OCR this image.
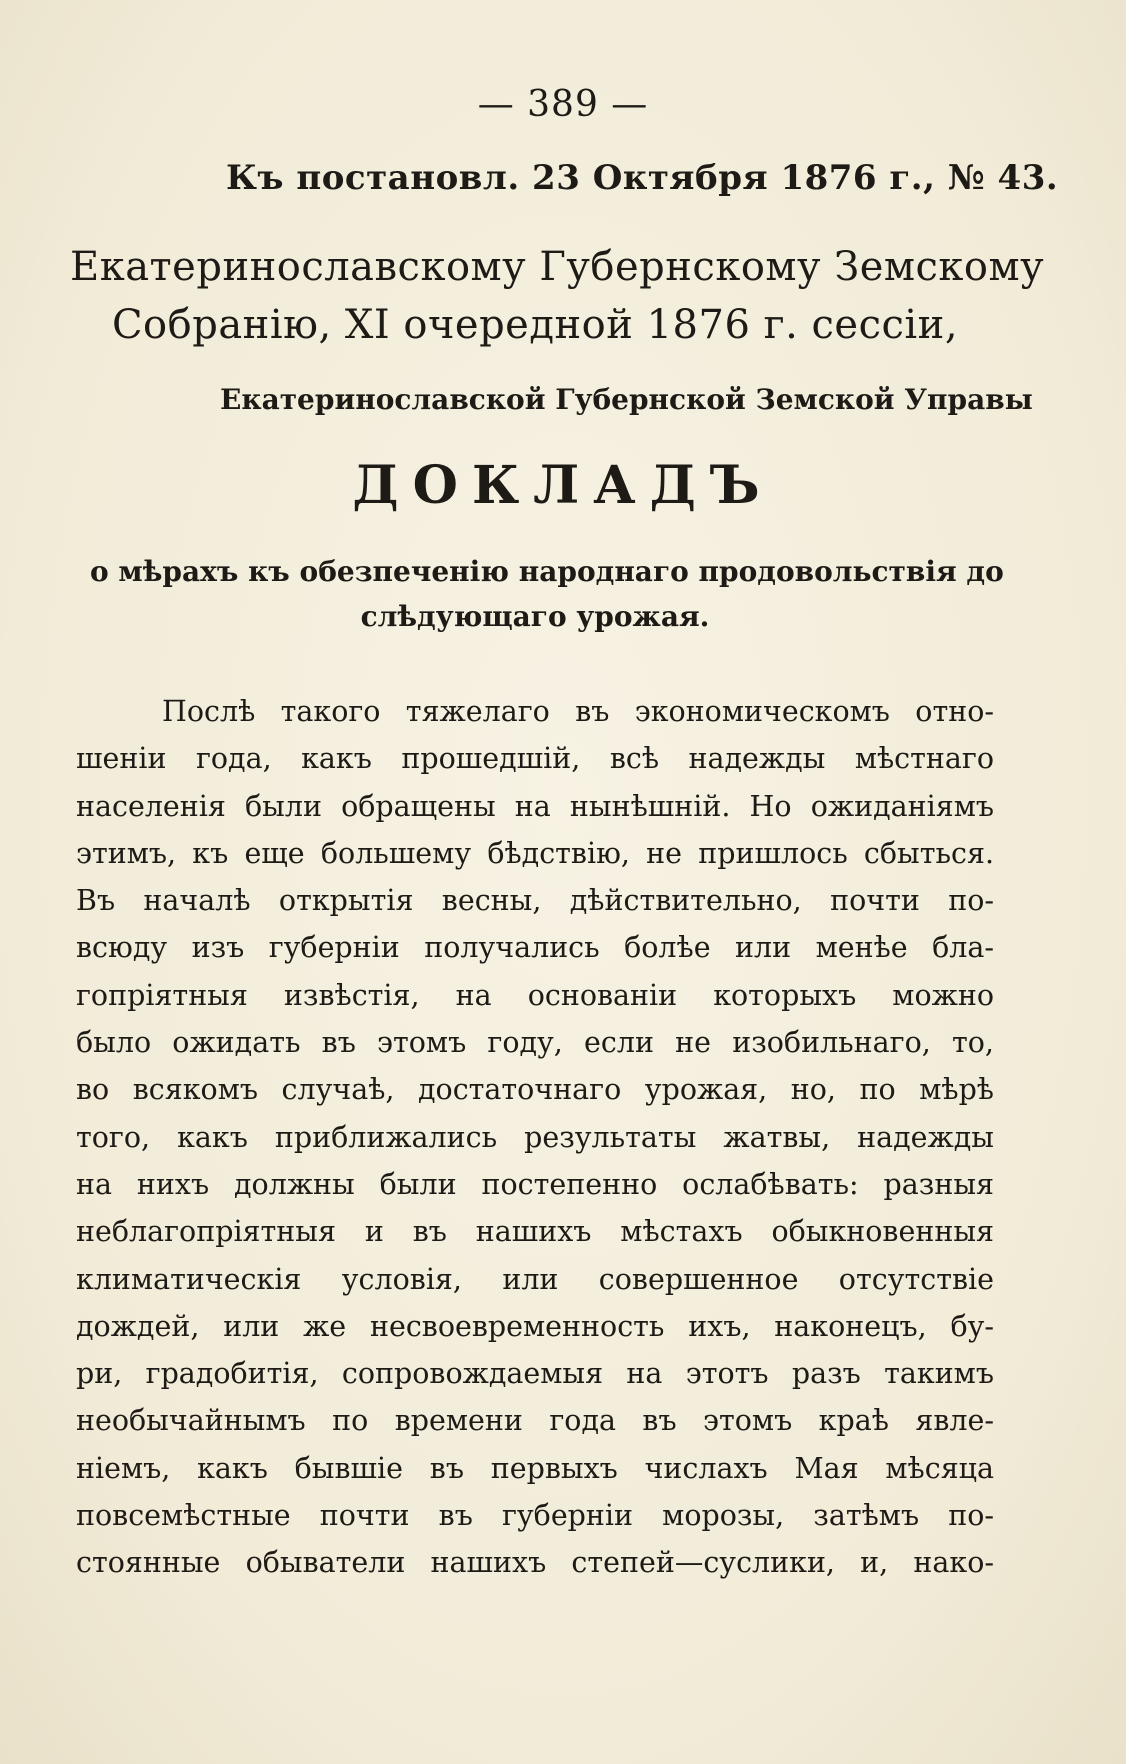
— 389 —
Къ постановл. 23 Октября 1876 г., № 43.
Екатеринославскому Губернскому Земскому
Собранію, XI очередной 1876 г. сессіи,
Екатеринославской Губернской Земской Управы
ДОКЛАДЪ
о мѣрахъ къ обезпеченію народнаго продовольствія до
слѣдующаго урожая.
Послѣ такого тяжелаго въ экономическомъ отно-
шеніи года, какъ прошедшій, всѣ надежды мѣстнаго
населенія были обращены на нынѣшній. Но ожиданіямъ
этимъ, къ еще большему бѣдствію, не пришлось сбыться.
Въ началѣ открытія весны, дѣйствительно, почти по-
всюду изъ губерніи получались болѣе или менѣе бла-
гопріятныя извѣстія, на основаніи которыхъ можно
было ожидать въ этомъ году, если не изобильнаго, то,
во всякомъ случаѣ, достаточнаго урожая, но, по мѣрѣ
того, какъ приближались результаты жатвы, надежды
на нихъ должны были постепенно ослабѣвать: разныя
неблагопріятныя и въ нашихъ мѣстахъ обыкновенныя
климатическія условія, или совершенное отсутствіе
дождей, или же несвоевременность ихъ, наконецъ, бу-
ри, градобитія, сопровождаемыя на этотъ разъ такимъ
необычайнымъ по времени года въ этомъ краѣ явле-
ніемъ, какъ бывшіе въ первыхъ числахъ Мая мѣсяца
повсемѣстные почти въ губерніи морозы, затѣмъ по-
стоянные обыватели нашихъ степей—суслики, и, нако-
